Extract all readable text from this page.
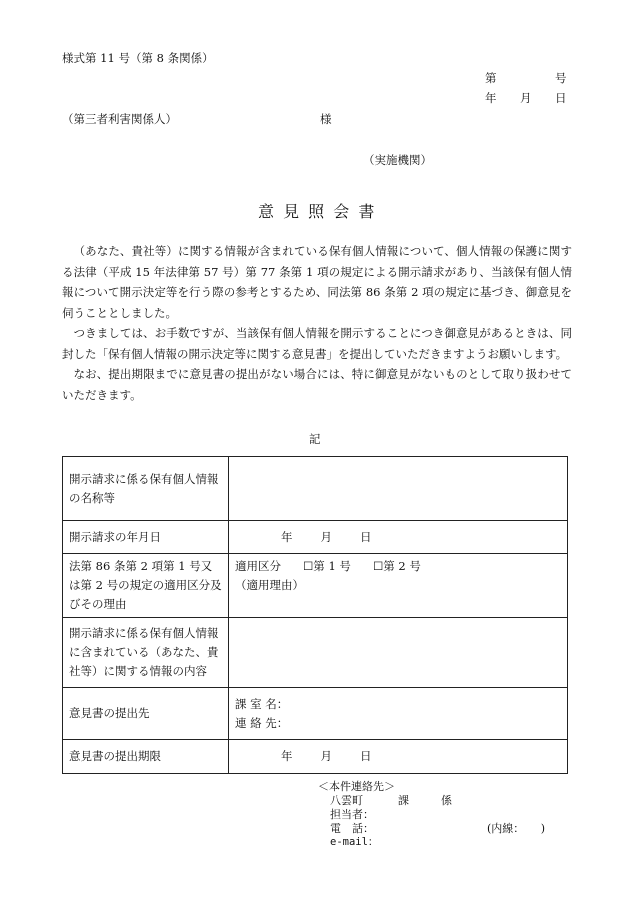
様式第 11 号（第 8 条関係）
第	号
年 月 日
（第三者利害関係人）	様
（実施機関）
意 見 照 会 書

（あなた、貴社等）に関する情報が含まれている保有個人情報について、個人情報の保護に関する法律（平成 15 年法律第 57 号）第 77 条第 1 項の規定による開示請求があり、当該保有個人情報について開示決定等を行う際の参考とするため、同法第 86 条第 2 項の規定に基づき、御意見を伺うこととしました。

つきましては、お手数ですが、当該保有個人情報を開示することにつき御意見があるときは、同封した「保有個人情報の開示決定等に関する意見書」を提出していただきますようお願いします。

なお、提出期限までに意見書の提出がない場合には、特に御意見がないものとして取り扱わせていただきます。

記
開示請求に係る保有個人情報の名称等	
開示請求の年月日	年 月 日
法第 86 条第 2 項第 1 号又は第 2 号の規定の適用区分及びその理由	適用区分 ☐第 1 号 ☐第 2 号
（適用理由）

開示請求に係る保有個人情報に含まれている（あなた、貴社等）に関する情報の内容	
意見書の提出先	課 室 名：
連 絡 先：

意見書の提出期限	年 月 日
＜本件連絡先＞
八雲町	課	係
担当者：
電　話：	(内線：　　)
e-mail：
